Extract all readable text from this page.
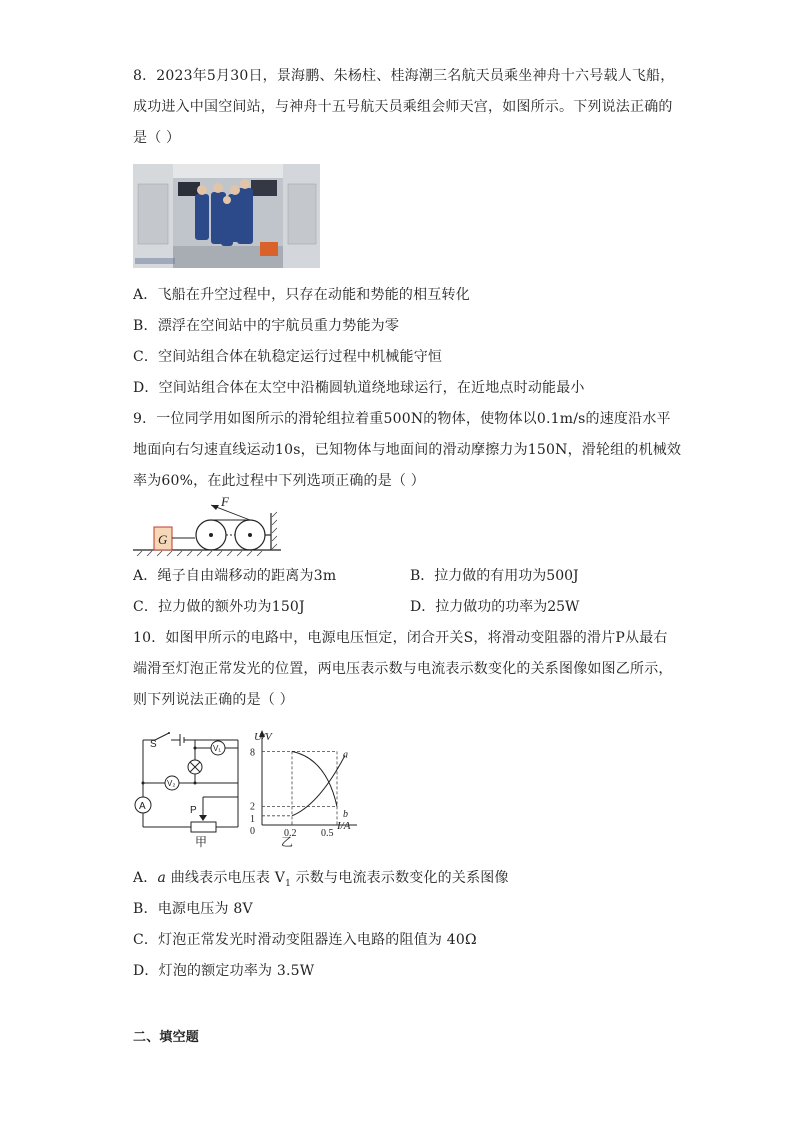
8．2023年5月30日，景海鹏、朱杨柱、桂海潮三名航天员乘坐神舟十六号载人飞船，
成功进入中国空间站，与神舟十五号航天员乘组会师天宫，如图所示。下列说法正确的
是（ ）
A．飞船在升空过程中，只存在动能和势能的相互转化
B．漂浮在空间站中的宇航员重力势能为零
C．空间站组合体在轨稳定运行过程中机械能守恒
D．空间站组合体在太空中沿椭圆轨道绕地球运行，在近地点时动能最小
9．一位同学用如图所示的滑轮组拉着重500N的物体，使物体以0.1m/s的速度沿水平
地面向右匀速直线运动10s，已知物体与地面间的滑动摩擦力为150N，滑轮组的机械效
率为60%，在此过程中下列选项正确的是（ ）
G
F
A．绳子自由端移动的距离为3m	B．拉力做的有用功为500J
C．拉力做的额外功为150J	D．拉力做功的功率为25W
10．如图甲所示的电路中，电源电压恒定，闭合开关S，将滑动变阻器的滑片P从最右
端滑至灯泡正常发光的位置，两电压表示数与电流表示数变化的关系图像如图乙所示，
则下列说法正确的是（ ）
S	V₁
V₂
A	P
甲
U/V
I/A
a
b
8
2
1
0	0.2 0.5
乙
A．a 曲线表示电压表 $V_1$ 示数与电流表示数变化的关系图像
B．电源电压为 8V
C．灯泡正常发光时滑动变阻器连入电路的阻值为 40Ω
D．灯泡的额定功率为 3.5W
二、填空题
